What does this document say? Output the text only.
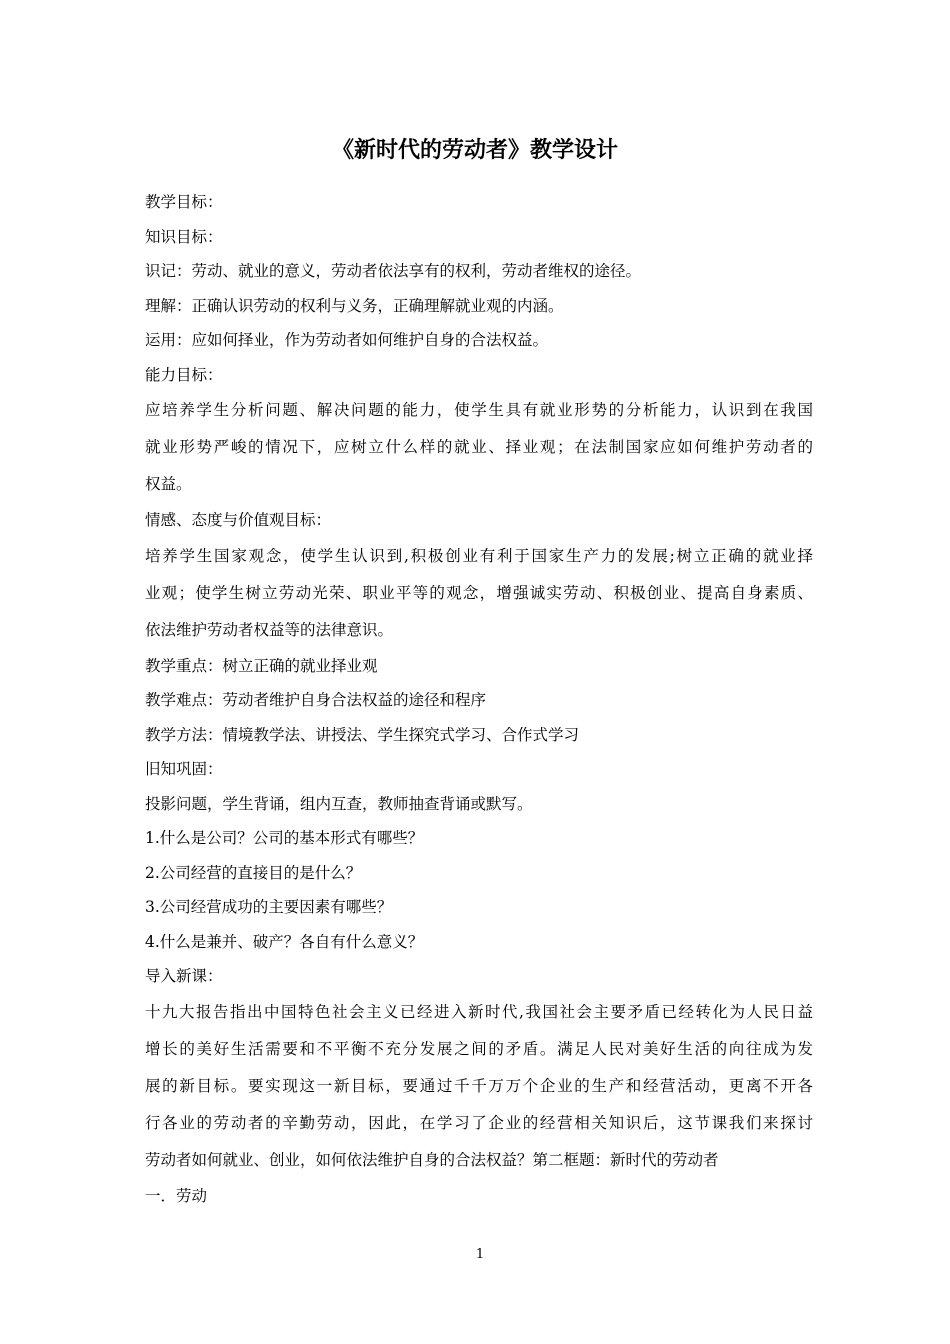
《新时代的劳动者》教学设计
教学目标：
知识目标：
识记：劳动、就业的意义，劳动者依法享有的权利，劳动者维权的途径。
理解：正确认识劳动的权利与义务，正确理解就业观的内涵。
运用：应如何择业，作为劳动者如何维护自身的合法权益。
能力目标：
应培养学生分析问题、解决问题的能力，使学生具有就业形势的分析能力，认识到在我国
就业形势严峻的情况下，应树立什么样的就业、择业观；在法制国家应如何维护劳动者的
权益。
情感、态度与价值观目标：
培养学生国家观念，使学生认识到,积极创业有利于国家生产力的发展;树立正确的就业择
业观；使学生树立劳动光荣、职业平等的观念，增强诚实劳动、积极创业、提高自身素质、
依法维护劳动者权益等的法律意识。
教学重点：树立正确的就业择业观
教学难点：劳动者维护自身合法权益的途径和程序
教学方法：情境教学法、讲授法、学生探究式学习、合作式学习
旧知巩固：
投影问题，学生背诵，组内互查，教师抽查背诵或默写。
1.什么是公司？公司的基本形式有哪些？
2.公司经营的直接目的是什么？
3.公司经营成功的主要因素有哪些？
4.什么是兼并、破产？各自有什么意义？
导入新课：
十九大报告指出中国特色社会主义已经进入新时代,我国社会主要矛盾已经转化为人民日益
增长的美好生活需要和不平衡不充分发展之间的矛盾。满足人民对美好生活的向往成为发
展的新目标。要实现这一新目标，要通过千千万万个企业的生产和经营活动，更离不开各
行各业的劳动者的辛勤劳动，因此，在学习了企业的经营相关知识后，这节课我们来探讨
劳动者如何就业、创业，如何依法维护自身的合法权益？第二框题：新时代的劳动者
一．劳动
1
